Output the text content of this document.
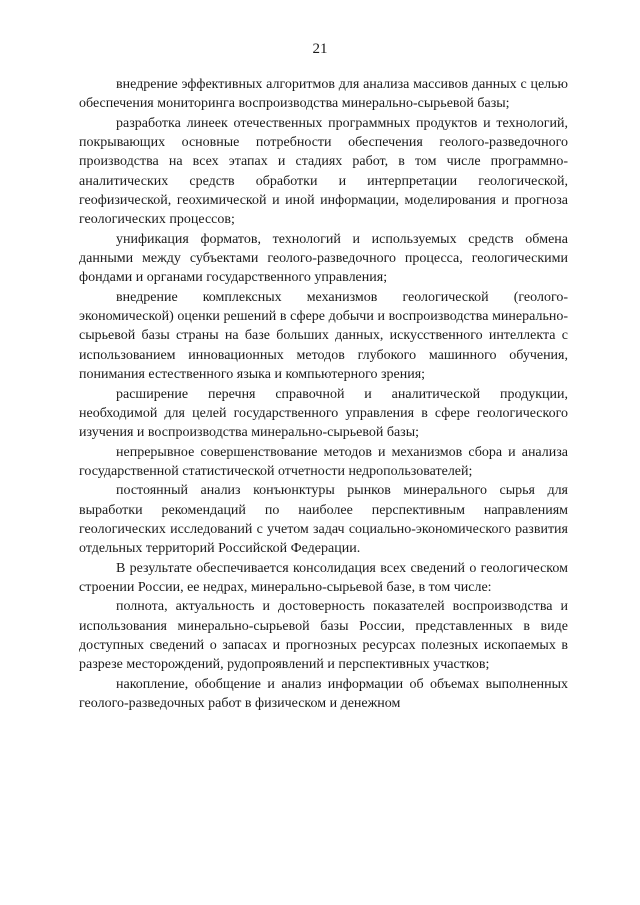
21

внедрение эффективных алгоритмов для анализа массивов данных с целью обеспечения мониторинга воспроизводства минерально-сырьевой базы;

разработка линеек отечественных программных продуктов и технологий, покрывающих основные потребности обеспечения геолого-разведочного производства на всех этапах и стадиях работ, в том числе программно-аналитических средств обработки и интерпретации геологической, геофизической, геохимической и иной информации, моделирования и прогноза геологических процессов;

унификация форматов, технологий и используемых средств обмена данными между субъектами геолого-разведочного процесса, геологическими фондами и органами государственного управления;

внедрение комплексных механизмов геологической (геолого-экономической) оценки решений в сфере добычи и воспроизводства минерально-сырьевой базы страны на базе больших данных, искусственного интеллекта с использованием инновационных методов глубокого машинного обучения, понимания естественного языка и компьютерного зрения;

расширение перечня справочной и аналитической продукции, необходимой для целей государственного управления в сфере геологического изучения и воспроизводства минерально-сырьевой базы;

непрерывное совершенствование методов и механизмов сбора и анализа государственной статистической отчетности недропользователей;

постоянный анализ конъюнктуры рынков минерального сырья для выработки рекомендаций по наиболее перспективным направлениям геологических исследований с учетом задач социально-экономического развития отдельных территорий Российской Федерации.

В результате обеспечивается консолидация всех сведений о геологическом строении России, ее недрах, минерально-сырьевой базе, в том числе:

полнота, актуальность и достоверность показателей воспроизводства и использования минерально-сырьевой базы России, представленных в виде доступных сведений о запасах и прогнозных ресурсах полезных ископаемых в разрезе месторождений, рудопроявлений и перспективных участков;

накопление, обобщение и анализ информации об объемах выполненных геолого-разведочных работ в физическом и денежном
